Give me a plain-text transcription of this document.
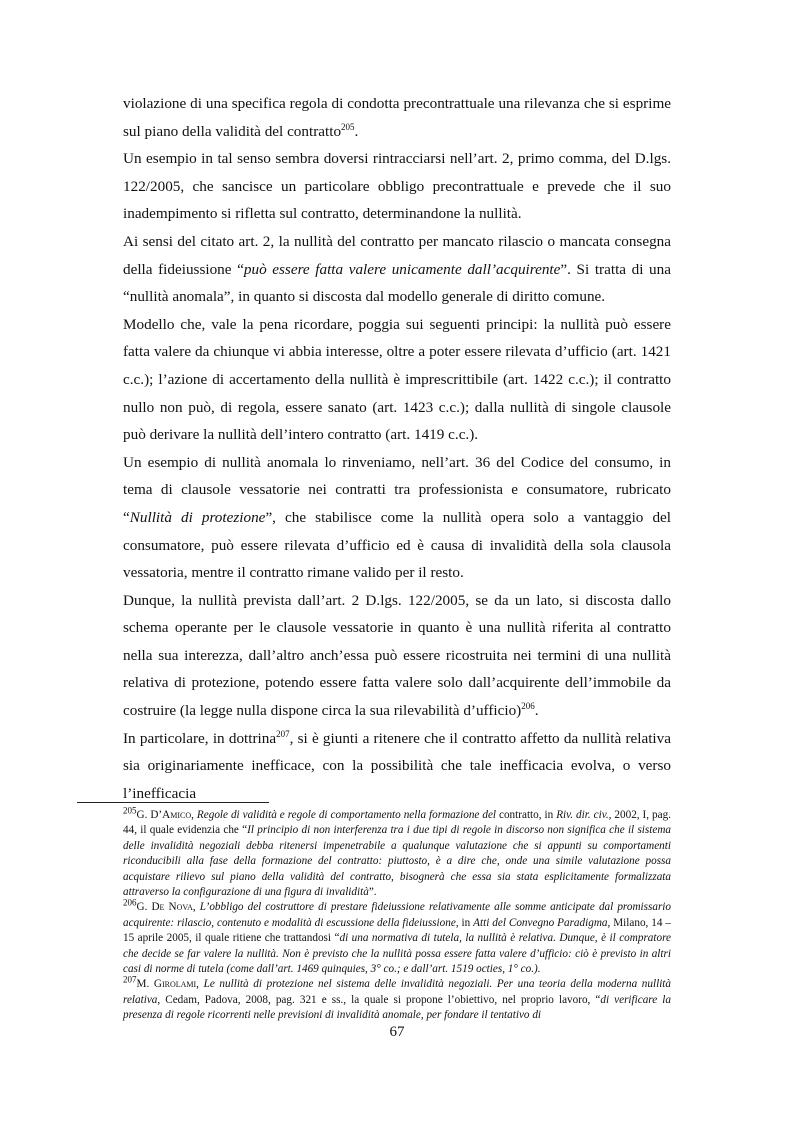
violazione di una specifica regola di condotta precontrattuale una rilevanza che si esprime sul piano della validità del contratto$^{205}$.

Un esempio in tal senso sembra doversi rintracciarsi nell’art. 2, primo comma, del D.lgs. 122/2005, che sancisce un particolare obbligo precontrattuale e prevede che il suo inadempimento si rifletta sul contratto, determinandone la nullità.

Ai sensi del citato art. 2, la nullità del contratto per mancato rilascio o mancata consegna della fideiussione “può essere fatta valere unicamente dall’acquirente”. Si tratta di una “nullità anomala”, in quanto si discosta dal modello generale di diritto comune.

Modello che, vale la pena ricordare, poggia sui seguenti principi: la nullità può essere fatta valere da chiunque vi abbia interesse, oltre a poter essere rilevata d’ufficio (art. 1421 c.c.); l’azione di accertamento della nullità è imprescrittibile (art. 1422 c.c.); il contratto nullo non può, di regola, essere sanato (art. 1423 c.c.); dalla nullità di singole clausole può derivare la nullità dell’intero contratto (art. 1419 c.c.).

Un esempio di nullità anomala lo rinveniamo, nell’art. 36 del Codice del consumo, in tema di clausole vessatorie nei contratti tra professionista e consumatore, rubricato “Nullità di protezione”, che stabilisce come la nullità opera solo a vantaggio del consumatore, può essere rilevata d’ufficio ed è causa di invalidità della sola clausola vessatoria, mentre il contratto rimane valido per il resto.

Dunque, la nullità prevista dall’art. 2 D.lgs. 122/2005, se da un lato, si discosta dallo schema operante per le clausole vessatorie in quanto è una nullità riferita al contratto nella sua interezza, dall’altro anch’essa può essere ricostruita nei termini di una nullità relativa di protezione, potendo essere fatta valere solo dall’acquirente dell’immobile da costruire (la legge nulla dispone circa la sua rilevabilità d’ufficio)$^{206}$.

In particolare, in dottrina$^{207}$, si è giunti a ritenere che il contratto affetto da nullità relativa sia originariamente inefficace, con la possibilità che tale inefficacia evolva, o verso l’inefficacia

$^{205}$G. D’Amico, Regole di validità e regole di comportamento nella formazione del contratto, in Riv. dir. civ., 2002, I, pag. 44, il quale evidenzia che “Il principio di non interferenza tra i due tipi di regole in discorso non significa che il sistema delle invalidità negoziali debba ritenersi impenetrabile a qualunque valutazione che si appunti su comportamenti riconducibili alla fase della formazione del contratto: piuttosto, è a dire che, onde una simile valutazione possa acquistare rilievo sul piano della validità del contratto, bisognerà che essa sia stata esplicitamente formalizzata attraverso la configurazione di una figura di invalidità”.

$^{206}$G. De Nova, L’obbligo del costruttore di prestare fideiussione relativamente alle somme anticipate dal promissario acquirente: rilascio, contenuto e modalità di escussione della fideiussione, in Atti del Convegno Paradigma, Milano, 14 – 15 aprile 2005, il quale ritiene che trattandosi “di una normativa di tutela, la nullità è relativa. Dunque, è il compratore che decide se far valere la nullità. Non è previsto che la nullità possa essere fatta valere d’ufficio: ciò è previsto in altri casi di norme di tutela (come dall’art. 1469 quinquies, 3° co.; e dall’art. 1519 octies, 1° co.).

$^{207}$M. Girolami, Le nullità di protezione nel sistema delle invalidità negoziali. Per una teoria della moderna nullità relativa, Cedam, Padova, 2008, pag. 321 e ss., la quale si propone l’obiettivo, nel proprio lavoro, “di verificare la presenza di regole ricorrenti nelle previsioni di invalidità anomale, per fondare il tentativo di

67
